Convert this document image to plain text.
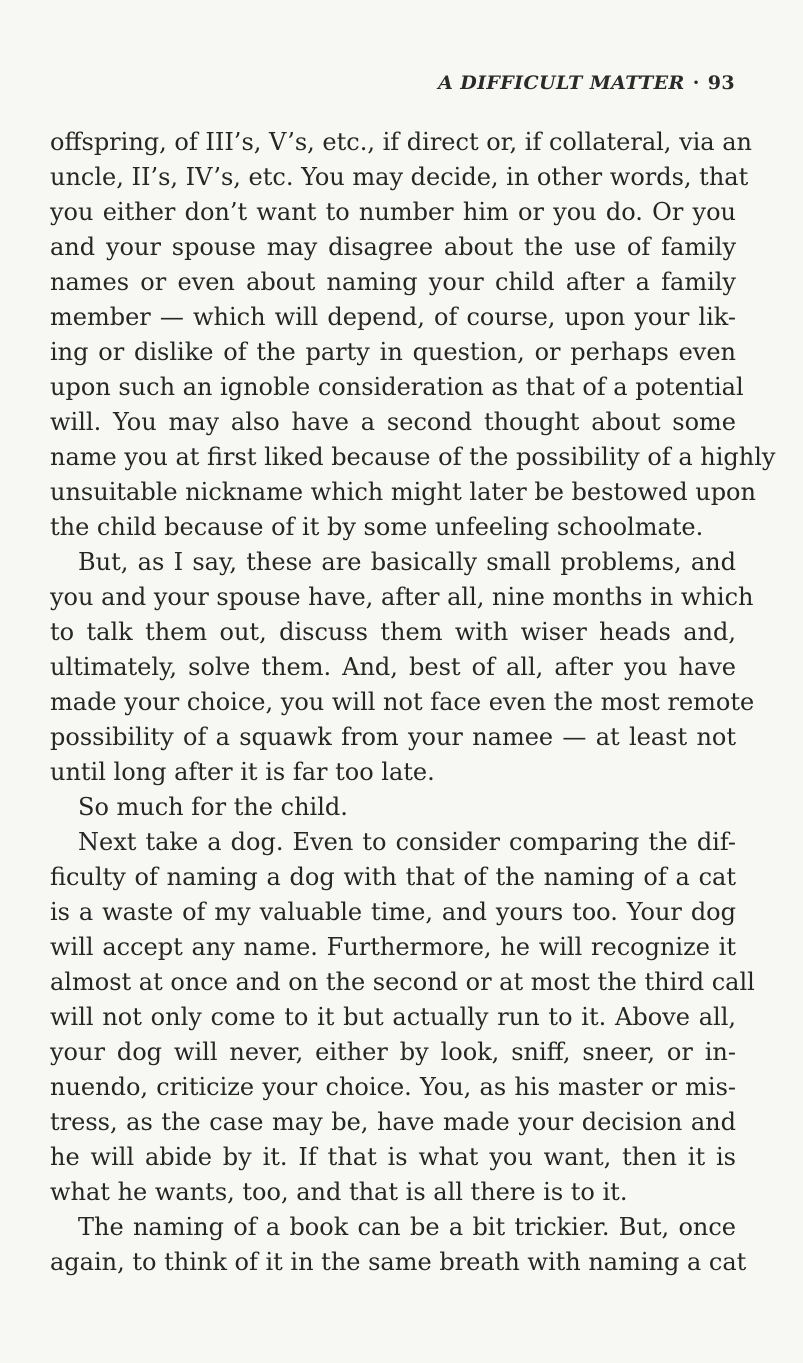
A DIFFICULT MATTER · 93
offspring, of III’s, V’s, etc., if direct or, if collateral, via an
uncle, II’s, IV’s, etc. You may decide, in other words, that
you either don’t want to number him or you do. Or you
and your spouse may disagree about the use of family
names or even about naming your child after a family
member — which will depend, of course, upon your lik-
ing or dislike of the party in question, or perhaps even
upon such an ignoble consideration as that of a potential
will. You may also have a second thought about some
name you at first liked because of the possibility of a highly
unsuitable nickname which might later be bestowed upon
the child because of it by some unfeeling schoolmate.
But, as I say, these are basically small problems, and
you and your spouse have, after all, nine months in which
to talk them out, discuss them with wiser heads and,
ultimately, solve them. And, best of all, after you have
made your choice, you will not face even the most remote
possibility of a squawk from your namee — at least not
until long after it is far too late.
So much for the child.
Next take a dog. Even to consider comparing the dif-
ficulty of naming a dog with that of the naming of a cat
is a waste of my valuable time, and yours too. Your dog
will accept any name. Furthermore, he will recognize it
almost at once and on the second or at most the third call
will not only come to it but actually run to it. Above all,
your dog will never, either by look, sniff, sneer, or in-
nuendo, criticize your choice. You, as his master or mis-
tress, as the case may be, have made your decision and
he will abide by it. If that is what you want, then it is
what he wants, too, and that is all there is to it.
The naming of a book can be a bit trickier. But, once
again, to think of it in the same breath with naming a cat
